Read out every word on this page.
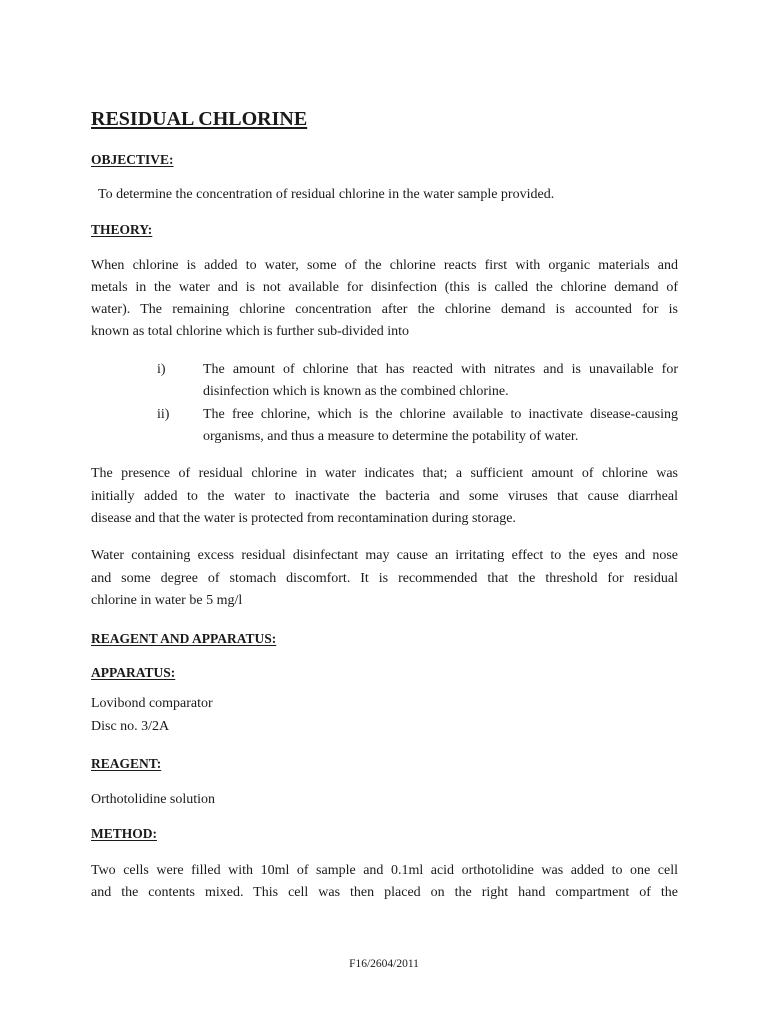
RESIDUAL CHLORINE
OBJECTIVE:
To determine the concentration of residual chlorine in the water sample provided.
THEORY:
When chlorine is added to water, some of the chlorine reacts first with organic materials and
metals in the water and is not available for disinfection (this is called the chlorine demand of
water). The remaining chlorine concentration after the chlorine demand is accounted for is
known as total chlorine which is further sub-divided into
i)	The amount of chlorine that has reacted with nitrates and is unavailable for
disinfection which is known as the combined chlorine.
ii) The free chlorine, which is the chlorine available to inactivate disease-causing
organisms, and thus a measure to determine the potability of water.
The presence of residual chlorine in water indicates that; a sufficient amount of chlorine was
initially added to the water to inactivate the bacteria and some viruses that cause diarrheal
disease and that the water is protected from recontamination during storage.
Water containing excess residual disinfectant may cause an irritating effect to the eyes and nose
and some degree of stomach discomfort. It is recommended that the threshold for residual
chlorine in water be 5 mg/l
REAGENT AND APPARATUS:
APPARATUS:
Lovibond comparator
Disc no. 3/2A
REAGENT:
Orthotolidine solution
METHOD:
Two cells were filled with 10ml of sample and 0.1ml acid orthotolidine was added to one cell
and the contents mixed. This cell was then placed on the right hand compartment of the
F16/2604/2011
